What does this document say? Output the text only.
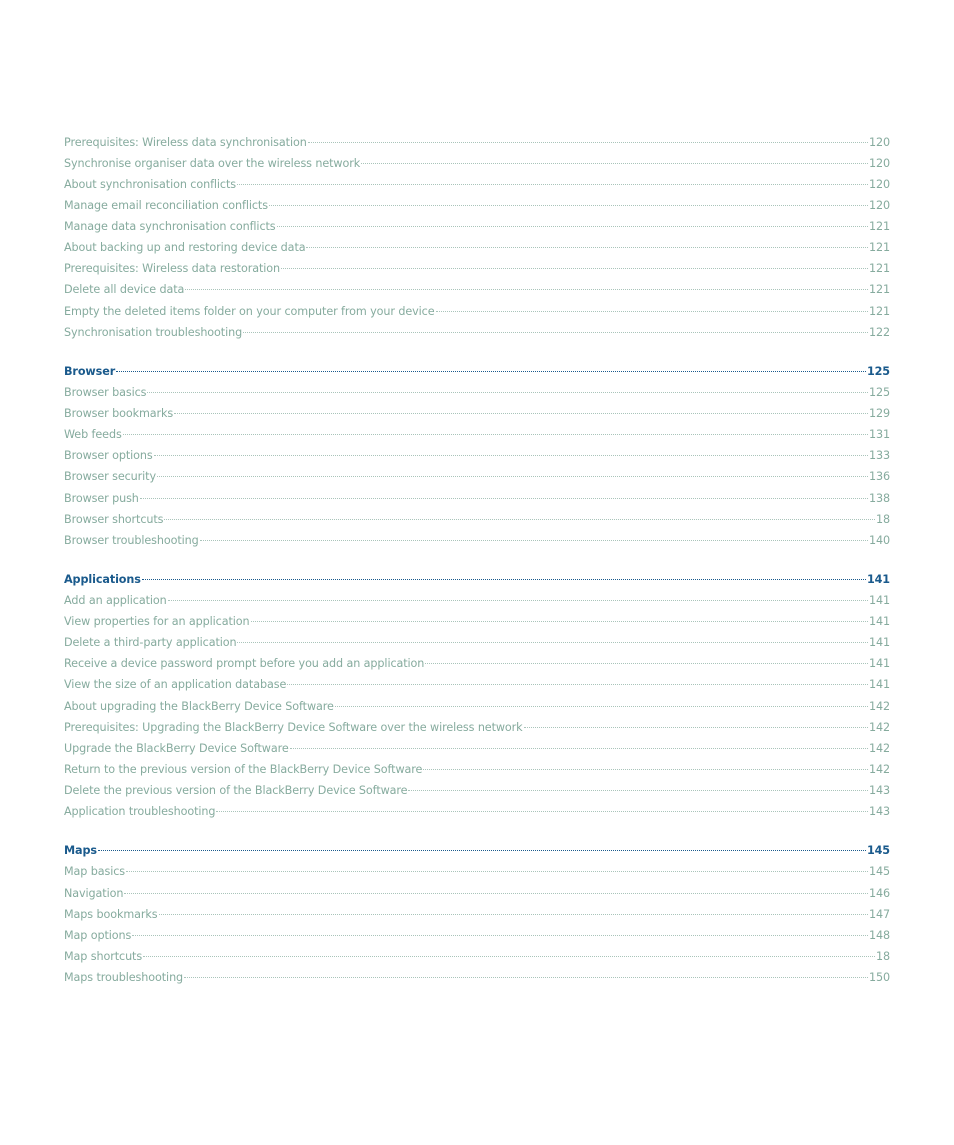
Prerequisites: Wireless data synchronisation	120
Synchronise organiser data over the wireless network	120
About synchronisation conflicts	120
Manage email reconciliation conflicts	120
Manage data synchronisation conflicts	121
About backing up and restoring device data	121
Prerequisites: Wireless data restoration	121
Delete all device data	121
Empty the deleted items folder on your computer from your device	121
Synchronisation troubleshooting	122
Browser	125
Browser basics	125
Browser bookmarks	129
Web feeds	131
Browser options	133
Browser security	136
Browser push	138
Browser shortcuts	18
Browser troubleshooting	140
Applications	141
Add an application	141
View properties for an application	141
Delete a third-party application	141
Receive a device password prompt before you add an application	141
View the size of an application database	141
About upgrading the BlackBerry Device Software	142
Prerequisites: Upgrading the BlackBerry Device Software over the wireless network	142
Upgrade the BlackBerry Device Software	142
Return to the previous version of the BlackBerry Device Software	142
Delete the previous version of the BlackBerry Device Software	143
Application troubleshooting	143
Maps	145
Map basics	145
Navigation	146
Maps bookmarks	147
Map options	148
Map shortcuts	18
Maps troubleshooting	150
